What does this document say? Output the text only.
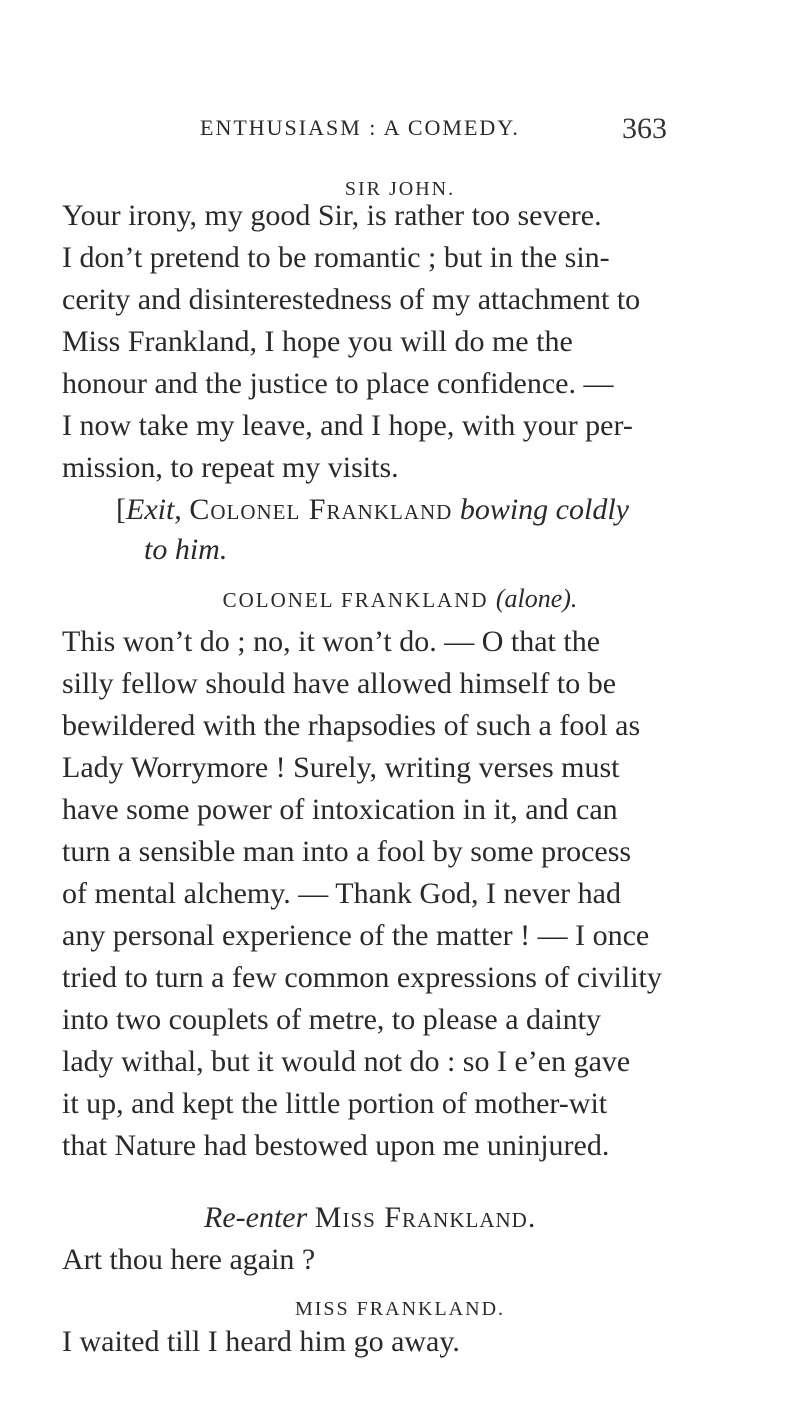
ENTHUSIASM : A COMEDY.	363
SIR JOHN.
Your irony, my good Sir, is rather too severe.
I don’t pretend to be romantic ; but in the sin-
cerity and disinterestedness of my attachment to
Miss Frankland, I hope you will do me the
honour and the justice to place confidence. —
I now take my leave, and I hope, with your per-
mission, to repeat my visits.
[Exit, Colonel Frankland bowing coldly
to him.
COLONEL FRANKLAND (alone).
This won’t do ; no, it won’t do. — O that the
silly fellow should have allowed himself to be
bewildered with the rhapsodies of such a fool as
Lady Worrymore ! Surely, writing verses must
have some power of intoxication in it, and can
turn a sensible man into a fool by some process
of mental alchemy. — Thank God, I never had
any personal experience of the matter ! — I once
tried to turn a few common expressions of civility
into two couplets of metre, to please a dainty
lady withal, but it would not do : so I e’en gave
it up, and kept the little portion of mother-wit
that Nature had bestowed upon me uninjured.
Re-enter Miss Frankland.
Art thou here again ?
MISS FRANKLAND.
I waited till I heard him go away.
